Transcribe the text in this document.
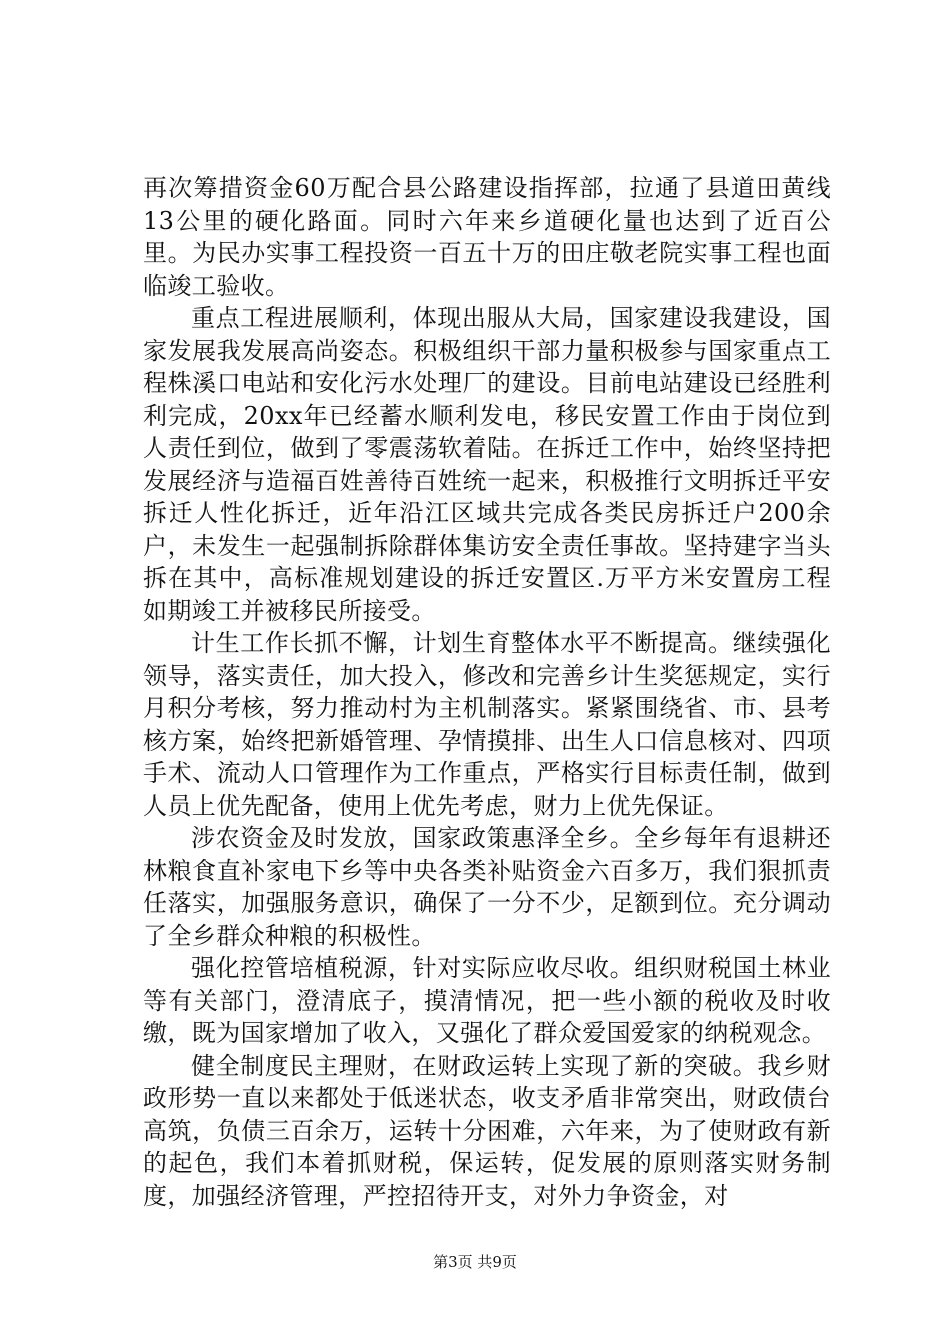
再次筹措资金60万配合县公路建设指挥部，拉通了县道田黄线13公里的硬化路面。同时六年来乡道硬化量也达到了近百公里。为民办实事工程投资一百五十万的田庄敬老院实事工程也面临竣工验收。

重点工程进展顺利，体现出服从大局，国家建设我建设，国家发展我发展高尚姿态。积极组织干部力量积极参与国家重点工程株溪口电站和安化污水处理厂的建设。目前电站建设已经胜利利完成，20xx年已经蓄水顺利发电，移民安置工作由于岗位到人责任到位，做到了零震荡软着陆。在拆迁工作中，始终坚持把发展经济与造福百姓善待百姓统一起来，积极推行文明拆迁平安拆迁人性化拆迁，近年沿江区域共完成各类民房拆迁户200余户，未发生一起强制拆除群体集访安全责任事故。坚持建字当头拆在其中，高标准规划建设的拆迁安置区.万平方米安置房工程如期竣工并被移民所接受。

计生工作长抓不懈，计划生育整体水平不断提高。继续强化领导，落实责任，加大投入，修改和完善乡计生奖惩规定，实行月积分考核，努力推动村为主机制落实。紧紧围绕省、市、县考核方案，始终把新婚管理、孕情摸排、出生人口信息核对、四项手术、流动人口管理作为工作重点，严格实行目标责任制，做到人员上优先配备，使用上优先考虑，财力上优先保证。

涉农资金及时发放，国家政策惠泽全乡。全乡每年有退耕还林粮食直补家电下乡等中央各类补贴资金六百多万，我们狠抓责任落实，加强服务意识，确保了一分不少，足额到位。充分调动了全乡群众种粮的积极性。

强化控管培植税源，针对实际应收尽收。组织财税国土林业等有关部门，澄清底子，摸清情况，把一些小额的税收及时收缴，既为国家增加了收入，又强化了群众爱国爱家的纳税观念。

健全制度民主理财，在财政运转上实现了新的突破。我乡财政形势一直以来都处于低迷状态，收支矛盾非常突出，财政债台高筑，负债三百余万，运转十分困难，六年来，为了使财政有新的起色，我们本着抓财税，保运转，促发展的原则落实财务制度，加强经济管理，严控招待开支，对外力争资金，对

第3页 共9页
